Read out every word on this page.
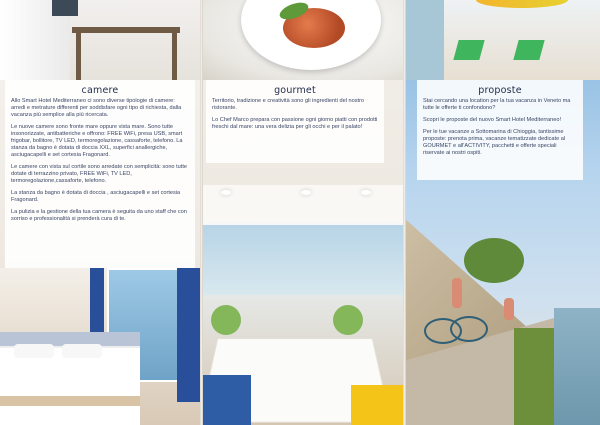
camere

Allo Smart Hotel Mediterraneo ci sono diverse tipologie di camere: arredi e metrature differenti per soddisfare ogni tipo di richiesta, dalla vacanza più semplice alla più ricercata.

Le nuove camere sono fronte mare oppure vista mare. Sono tutte insonorizzate, antibatteriche e offrono: FREE WiFi, presa USB, smart frigobar, bollitore, TV LED, termoregolazione, cassaforte, telefono. La stanza da bagno è dotata di doccia XXL, superfici anallergiche, asciugacapelli e set cortesia Fragonard.

Le camere con vista sul cortile sono arredate con semplicità: sono tutte dotate di terrazzino privato, FREE WiFi, TV LED, termoregolazione,cassaforte, telefono.

La stanza da bagno è dotata di doccia , asciugacapelli e set cortesia Fragonard.

La pulizia e la gestione della tua camera è seguita da uno staff che con sorriso e professionalità si prenderà cura di te.

gourmet

Territorio, tradizione e creatività sono gli ingredienti del nostro ristorante.

Lo Chef Marco prepara con passione ogni giorno piatti con prodotti freschi dal mare: una vera delizia per gli occhi e per il palato!

proposte

Stai cercando una location per la tua vacanza in Veneto ma tutte le offerte ti confondono?

Scopri le proposte del nuovo Smart Hotel Mediterraneo!

Per le tue vacanze a Sottomarina di Chioggia, tantissime proposte: prenota prima, vacanze tematizzate dedicate al GOURMET e all'ACTIVITY, pacchetti e offerte speciali riservate ai nostri ospiti.
